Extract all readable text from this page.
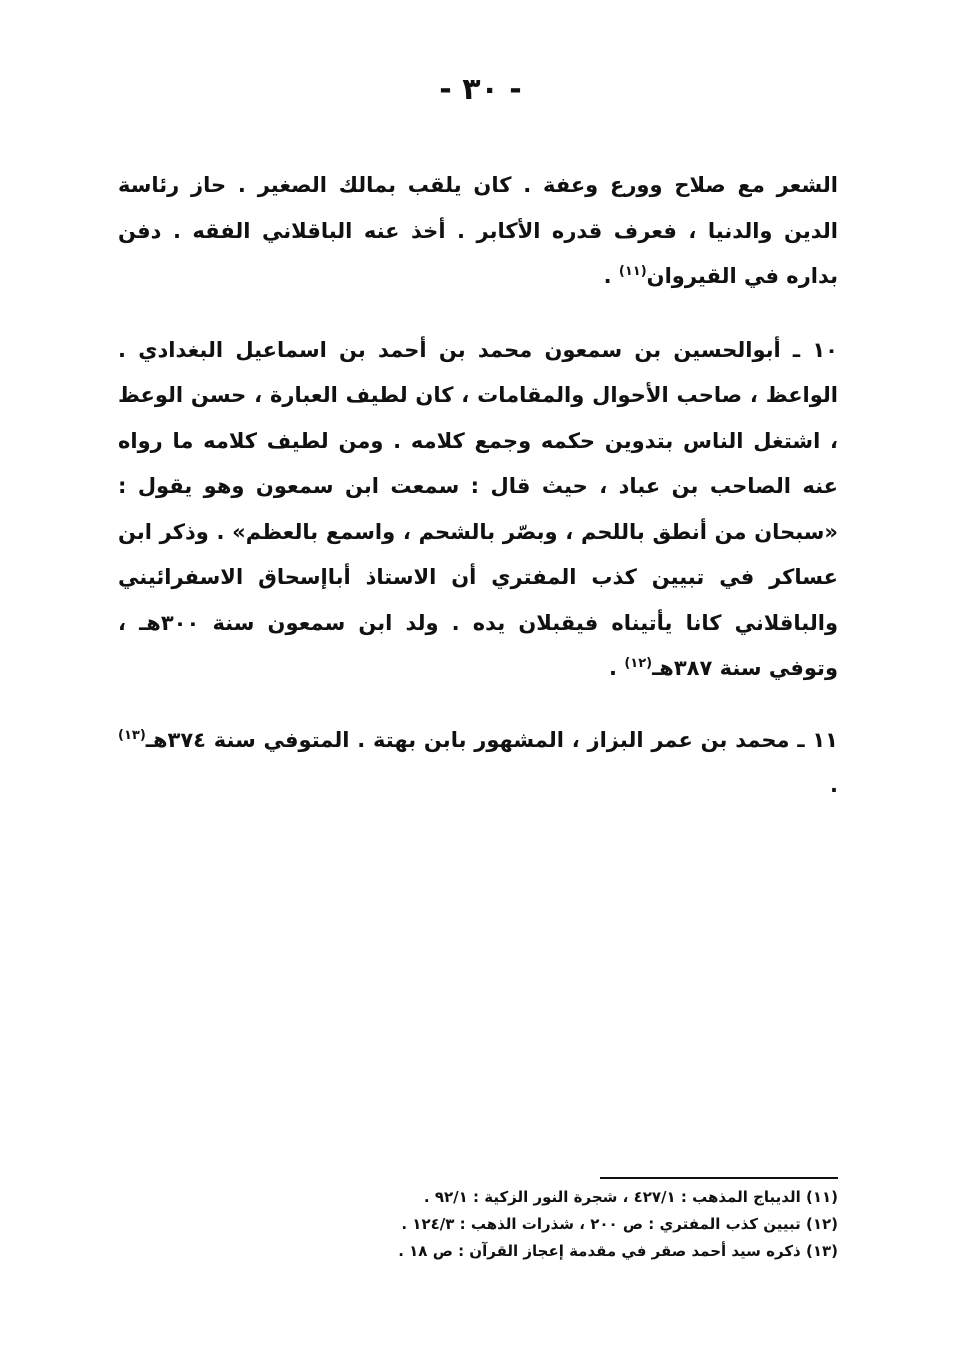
- ٣٠ -

الشعر مع صلاح وورع وعفة . كان يلقب بمالك الصغير . حاز رئاسة الدين والدنيا ، فعرف قدره الأكابر . أخذ عنه الباقلاني الفقه . دفن بداره في القيروان$^{(١١)}$ .

١٠ ـ أبوالحسين بن سمعون محمد بن أحمد بن اسماعيل البغدادي . الواعظ ، صاحب الأحوال والمقامات ، كان لطيف العبارة ، حسن الوعظ ، اشتغل الناس بتدوين حكمه وجمع كلامه . ومن لطيف كلامه ما رواه عنه الصاحب بن عباد ، حيث قال : سمعت ابن سمعون وهو يقول : «سبحان من أنطق باللحم ، وبصّر بالشحم ، واسمع بالعظم» . وذكر ابن عساكر في تبيين كذب المفتري أن الاستاذ أباإسحاق الاسفرائيني والباقلاني كانا يأتيناه فيقبلان يده . ولد ابن سمعون سنة ٣٠٠هـ ، وتوفي سنة ٣٨٧هـ$^{(١٢)}$ .

١١ ـ محمد بن عمر البزاز ، المشهور بابن بهتة . المتوفي سنة ٣٧٤هـ$^{(١٣)}$ .

(١١) الديباج المذهب : ٤٢٧/١ ، شجرة النور الزكية : ٩٢/١ .
(١٢) تبيين كذب المفتري : ص ٢٠٠ ، شذرات الذهب : ١٢٤/٣ .
(١٣) ذكره سيد أحمد صقر في مقدمة إعجاز القرآن : ص ١٨ .
